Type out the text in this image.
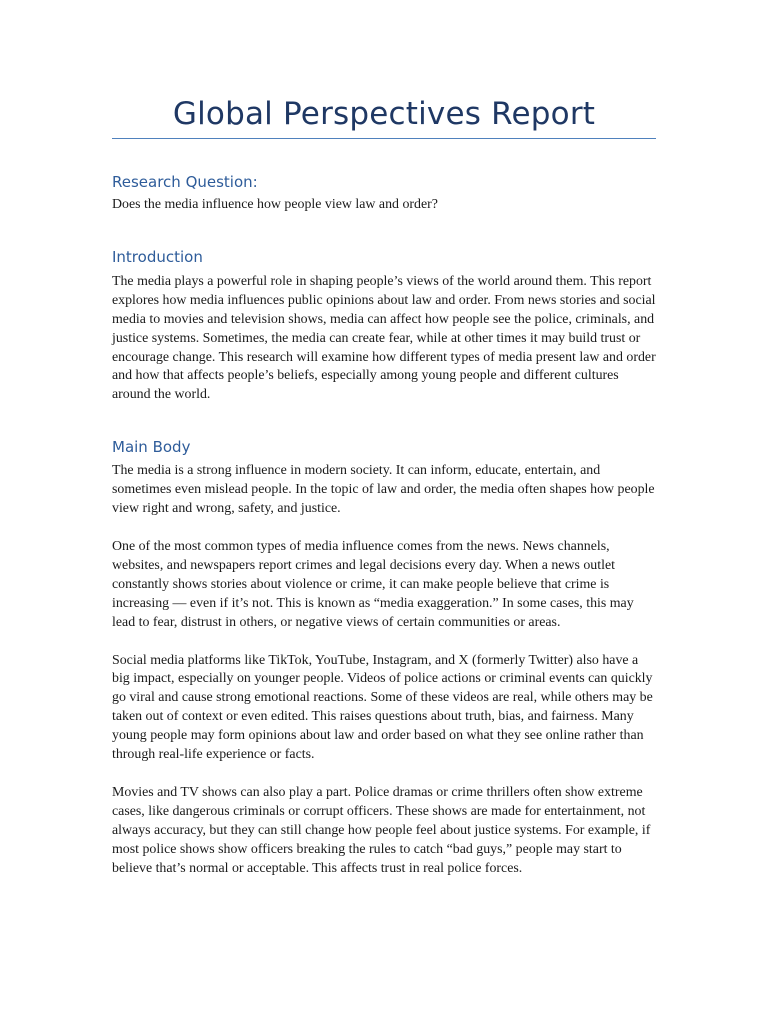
Global Perspectives Report
Research Question:

Does the media influence how people view law and order?

Introduction

The media plays a powerful role in shaping people’s views of the world around them. This report explores how media influences public opinions about law and order. From news stories and social media to movies and television shows, media can affect how people see the police, criminals, and justice systems. Sometimes, the media can create fear, while at other times it may build trust or encourage change. This research will examine how different types of media present law and order and how that affects people’s beliefs, especially among young people and different cultures around the world.

Main Body

The media is a strong influence in modern society. It can inform, educate, entertain, and sometimes even mislead people. In the topic of law and order, the media often shapes how people view right and wrong, safety, and justice.

One of the most common types of media influence comes from the news. News channels, websites, and newspapers report crimes and legal decisions every day. When a news outlet constantly shows stories about violence or crime, it can make people believe that crime is increasing — even if it’s not. This is known as “media exaggeration.” In some cases, this may lead to fear, distrust in others, or negative views of certain communities or areas.

Social media platforms like TikTok, YouTube, Instagram, and X (formerly Twitter) also have a big impact, especially on younger people. Videos of police actions or criminal events can quickly go viral and cause strong emotional reactions. Some of these videos are real, while others may be taken out of context or even edited. This raises questions about truth, bias, and fairness. Many young people may form opinions about law and order based on what they see online rather than through real-life experience or facts.

Movies and TV shows can also play a part. Police dramas or crime thrillers often show extreme cases, like dangerous criminals or corrupt officers. These shows are made for entertainment, not always accuracy, but they can still change how people feel about justice systems. For example, if most police shows show officers breaking the rules to catch “bad guys,” people may start to believe that’s normal or acceptable. This affects trust in real police forces.
